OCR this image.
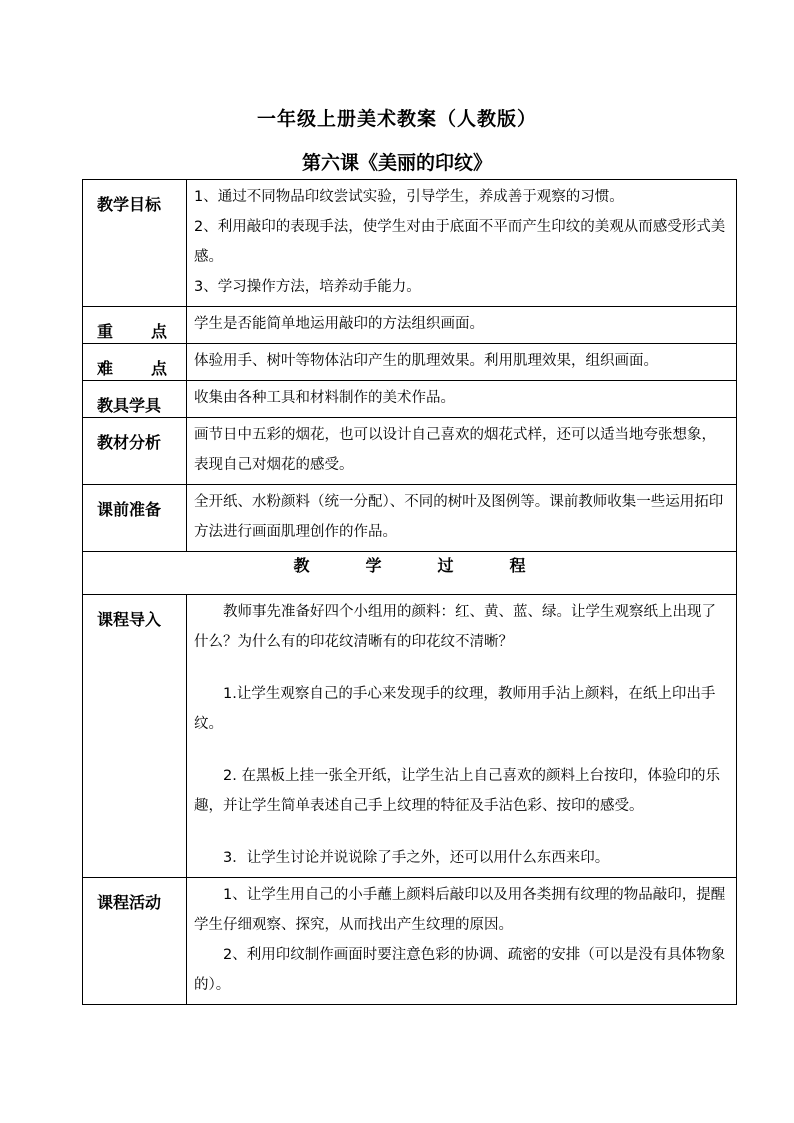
一年级上册美术教案（人教版）
第六课《美丽的印纹》
教学目标	1、通过不同物品印纹尝试实验，引导学生，养成善于观察的习惯。

2、利用敲印的表现手法，使学生对由于底面不平而产生印纹的美观从而感受形式美感。

3、学习操作方法，培养动手能力。

重点	学生是否能简单地运用敲印的方法组织画面。
难点	体验用手、树叶等物体沾印产生的肌理效果。利用肌理效果，组织画面。
教具学具	收集由各种工具和材料制作的美术作品。
教材分析	画节日中五彩的烟花，也可以设计自己喜欢的烟花式样，还可以适当地夸张想象，表现自己对烟花的感受。
课前准备	全开纸、水粉颜料（统一分配）、不同的树叶及图例等。课前教师收集一些运用拓印方法进行画面肌理创作的作品。
教学过程	
课程导入	教师事先准备好四个小组用的颜料：红、黄、蓝、绿。让学生观察纸上出现了什么？为什么有的印花纹清晰有的印花纹不清晰？

1.让学生观察自己的手心来发现手的纹理，教师用手沾上颜料，在纸上印出手纹。

2. 在黑板上挂一张全开纸，让学生沾上自己喜欢的颜料上台按印，体验印的乐趣，并让学生简单表述自己手上纹理的特征及手沾色彩、按印的感受。

3．让学生讨论并说说除了手之外，还可以用什么东西来印。

课程活动	1、让学生用自己的小手蘸上颜料后敲印以及用各类拥有纹理的物品敲印，提醒学生仔细观察、探究，从而找出产生纹理的原因。

2、利用印纹制作画面时要注意色彩的协调、疏密的安排（可以是没有具体物象的）。
